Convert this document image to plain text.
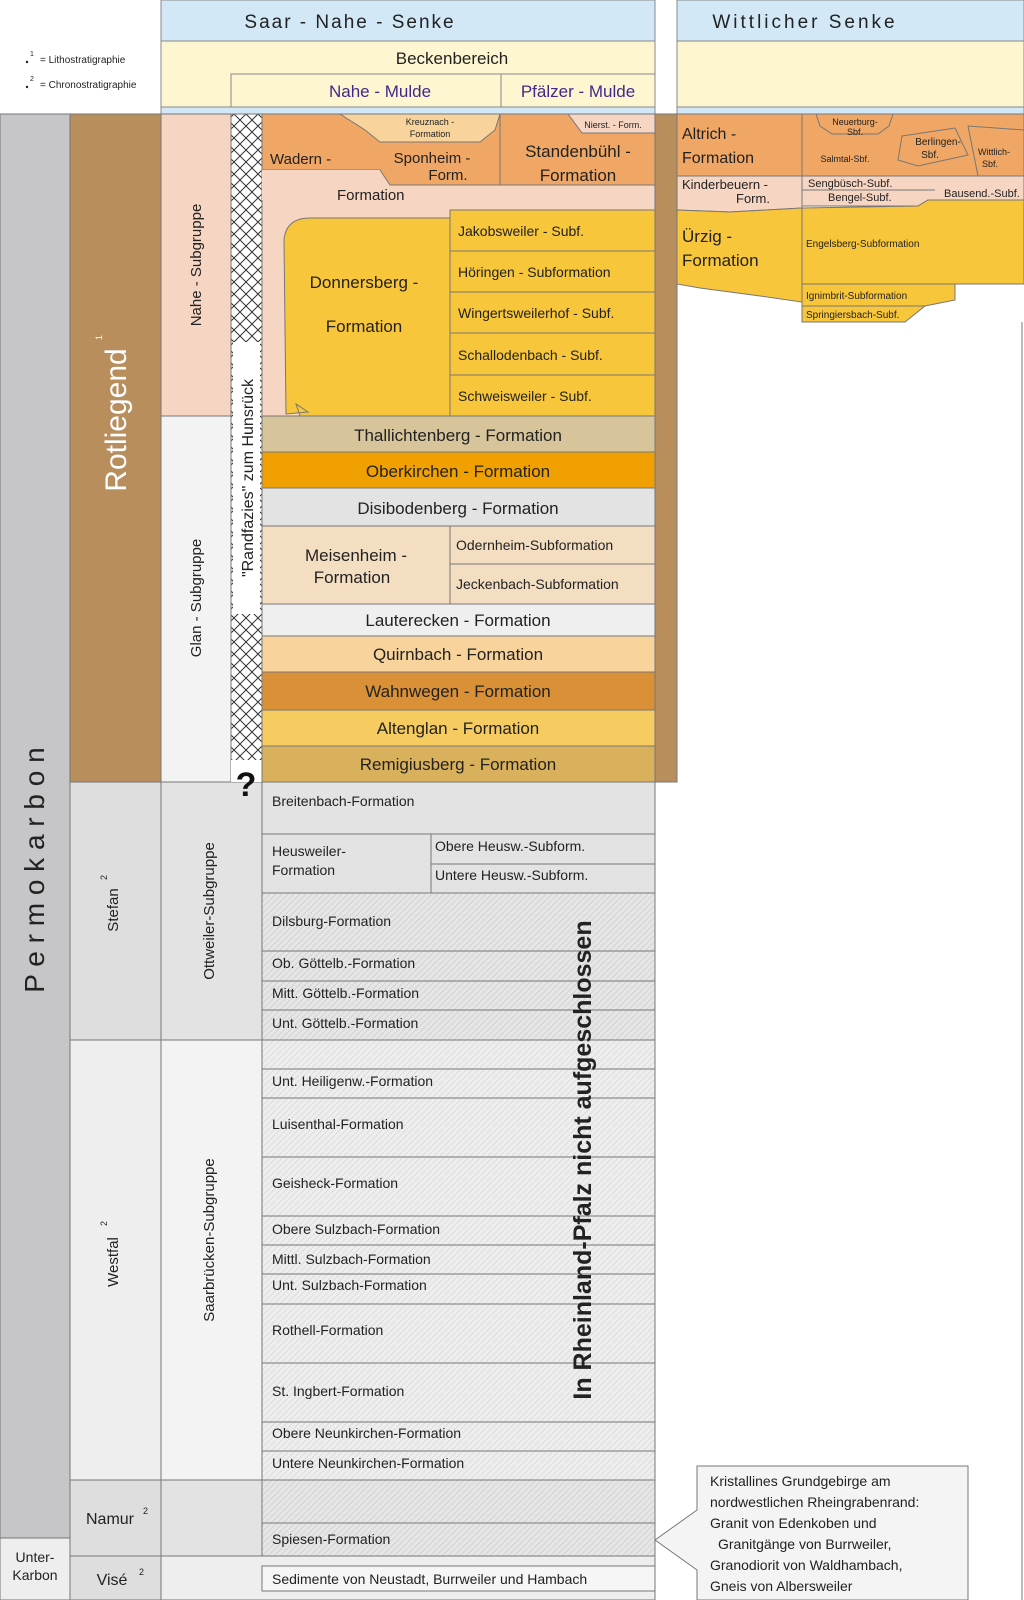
1
= Lithostratigraphie
2
= Chronostratigraphie
Saar - Nahe - Senke	Wittlicher Senke
Beckenbereich
Nahe - Mulde	Pfälzer - Mulde
P e r m o k a r b o n
Unter-
Karbon
Rotliegend
1
Stefan
2
Westfal
2
Namur 2
Visé 2
Nahe - Subgruppe
Glan - Subgruppe
Ottweiler-Subgruppe
Saarbrücken-Subgruppe
"Randfazies" zum Hunsrück
?
Kreuznach -
Formation
Nierst. - Form.
Wadern -
Formation
Sponheim -
Form.
Standenbühl -
Formation
Donnersberg -
Formation
Jakobsweiler - Subf.
Höringen - Subformation
Wingertsweilerhof - Subf.
Schallodenbach - Subf.
Schweisweiler - Subf.
Thallichtenberg - Formation
Oberkirchen - Formation
Disibodenberg - Formation
Meisenheim -
Formation
Odernheim-Subformation
Jeckenbach-Subformation
Lauterecken - Formation
Quirnbach - Formation
Wahnwegen - Formation
Altenglan - Formation
Remigiusberg - Formation
Breitenbach-Formation
Heusweiler-
Formation
Obere Heusw.-Subform.
Untere Heusw.-Subform.
Dilsburg-Formation
Ob. Göttelb.-Formation
Mitt. Göttelb.-Formation
Unt. Göttelb.-Formation
Unt. Heiligenw.-Formation
Luisenthal-Formation
Geisheck-Formation
Obere Sulzbach-Formation
Mittl. Sulzbach-Formation
Unt. Sulzbach-Formation
Rothell-Formation
St. Ingbert-Formation
Obere Neunkirchen-Formation
Untere Neunkirchen-Formation
Spiesen-Formation
Sedimente von Neustadt, Burrweiler und Hambach
In Rheinland-Pfalz nicht aufgeschlossen
Altrich -
Formation
Neuerburg-
Sbf.
Salmtal-Sbf.
Berlingen-
Sbf.	Wittlich-
Sbf.
Kinderbeuern -
Form.
Sengbüsch-Subf.
Bengel-Subf.	Bausend.-Subf.
Ürzig -
Formation
Engelsberg-Subformation
Ignimbrit-Subformation
Springiersbach-Subf.
Kristallines Grundgebirge am
nordwestlichen Rheingrabenrand:
Granit von Edenkoben und
Granitgänge von Burrweiler,
Granodiorit von Waldhambach,
Gneis von Albersweiler
